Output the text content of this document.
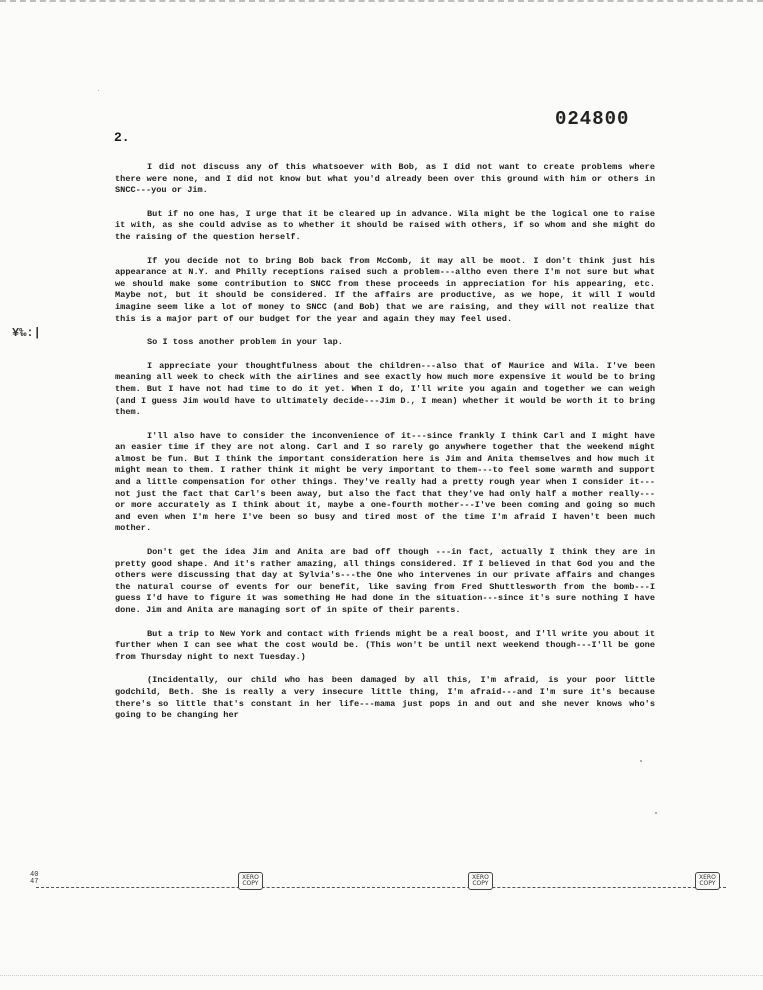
024800
2.
¥‰:|

I did not discuss any of this whatsoever with Bob, as I did not want to create problems where there were none, and I did not know but what you'd already been over this ground with him or others in SNCC---you or Jim.

But if no one has, I urge that it be cleared up in advance. Wila might be the logical one to raise it with, as she could advise as to whether it should be raised with others, if so whom and she might do the raising of the question herself.

If you decide not to bring Bob back from McComb, it may all be moot. I don't think just his appearance at N.Y. and Philly receptions raised such a problem---altho even there I'm not sure but what we should make some contribution to SNCC from these proceeds in appreciation for his appearing, etc. Maybe not, but it should be considered. If the affairs are productive, as we hope, it will I would imagine seem like a lot of money to SNCC (and Bob) that we are raising, and they will not realize that this is a major part of our budget for the year and again they may feel used.

So I toss another problem in your lap.

I appreciate your thoughtfulness about the children---also that of Maurice and Wila. I've been meaning all week to check with the airlines and see exactly how much more expensive it would be to bring them. But I have not had time to do it yet. When I do, I'll write you again and together we can weigh (and I guess Jim would have to ultimately decide---Jim D., I mean) whether it would be worth it to bring them.

I'll also have to consider the inconvenience of it---since frankly I think Carl and I might have an easier time if they are not along. Carl and I so rarely go anywhere together that the weekend might almost be fun. But I think the important consideration here is Jim and Anita themselves and how much it might mean to them. I rather think it might be very important to them---to feel some warmth and support and a little compensation for other things. They've really had a pretty rough year when I consider it---not just the fact that Carl's been away, but also the fact that they've had only half a mother really---or more accurately as I think about it, maybe a one-fourth mother---I've been coming and going so much and even when I'm here I've been so busy and tired most of the time I'm afraid I haven't been much mother.

Don't get the idea Jim and Anita are bad off though ---in fact, actually I think they are in pretty good shape. And it's rather amazing, all things considered. If I believed in that God you and the others were discussing that day at Sylvia's---the One who intervenes in our private affairs and changes the natural course of events for our benefit, like saving from Fred Shuttlesworth from the bomb---I guess I'd have to figure it was something He had done in the situation---since it's sure nothing I have done. Jim and Anita are managing sort of in spite of their parents.

But a trip to New York and contact with friends might be a real boost, and I'll write you about it further when I can see what the cost would be. (This won't be until next weekend though---I'll be gone from Thursday night to next Tuesday.)

(Incidentally, our child who has been damaged by all this, I'm afraid, is your poor little godchild, Beth. She is really a very insecure little thing, I'm afraid---and I'm sure it's because there's so little that's constant in her life---mama just pops in and out and she never knows who's going to be changing her

40
47
XERO
COPY
XERO
COPY
XERO
COPY
